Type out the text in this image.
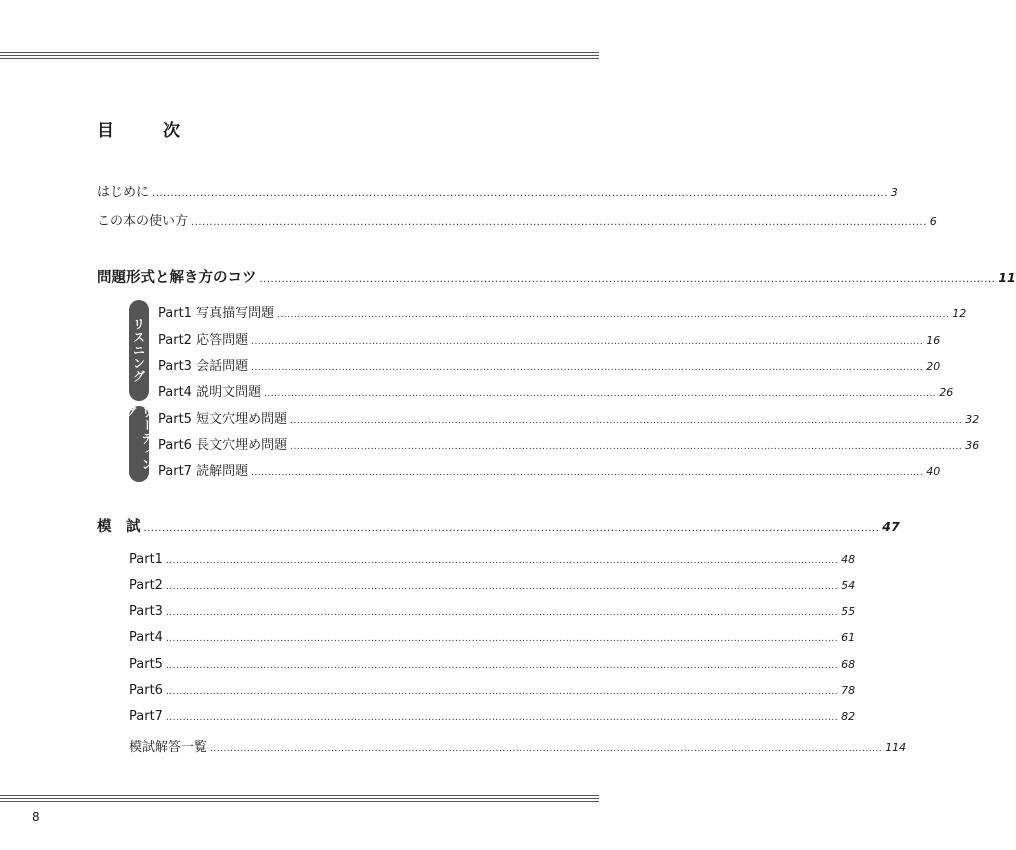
目　次
はじめに ........................................................................................................................................................................................................ 3
この本の使い方 ........................................................................................................................................................................................................ 6
問題形式と解き方のコツ ........................................................................................................................................................................................................ 11
リスニング
リーディング
Part1 写真描写問題 ........................................................................................................................................................................................................ 12
Part2 応答問題 ........................................................................................................................................................................................................ 16
Part3 会話問題 ........................................................................................................................................................................................................ 20
Part4 説明文問題 ........................................................................................................................................................................................................ 26
Part5 短文穴埋め問題 ........................................................................................................................................................................................................ 32
Part6 長文穴埋め問題 ........................................................................................................................................................................................................ 36
Part7 読解問題 ........................................................................................................................................................................................................ 40
模　試 ........................................................................................................................................................................................................ 47
Part1 ........................................................................................................................................................................................................ 48
Part2 ........................................................................................................................................................................................................ 54
Part3 ........................................................................................................................................................................................................ 55
Part4 ........................................................................................................................................................................................................ 61
Part5 ........................................................................................................................................................................................................ 68
Part6 ........................................................................................................................................................................................................ 78
Part7 ........................................................................................................................................................................................................ 82
模試解答一覧 ........................................................................................................................................................................................................ 114
8
